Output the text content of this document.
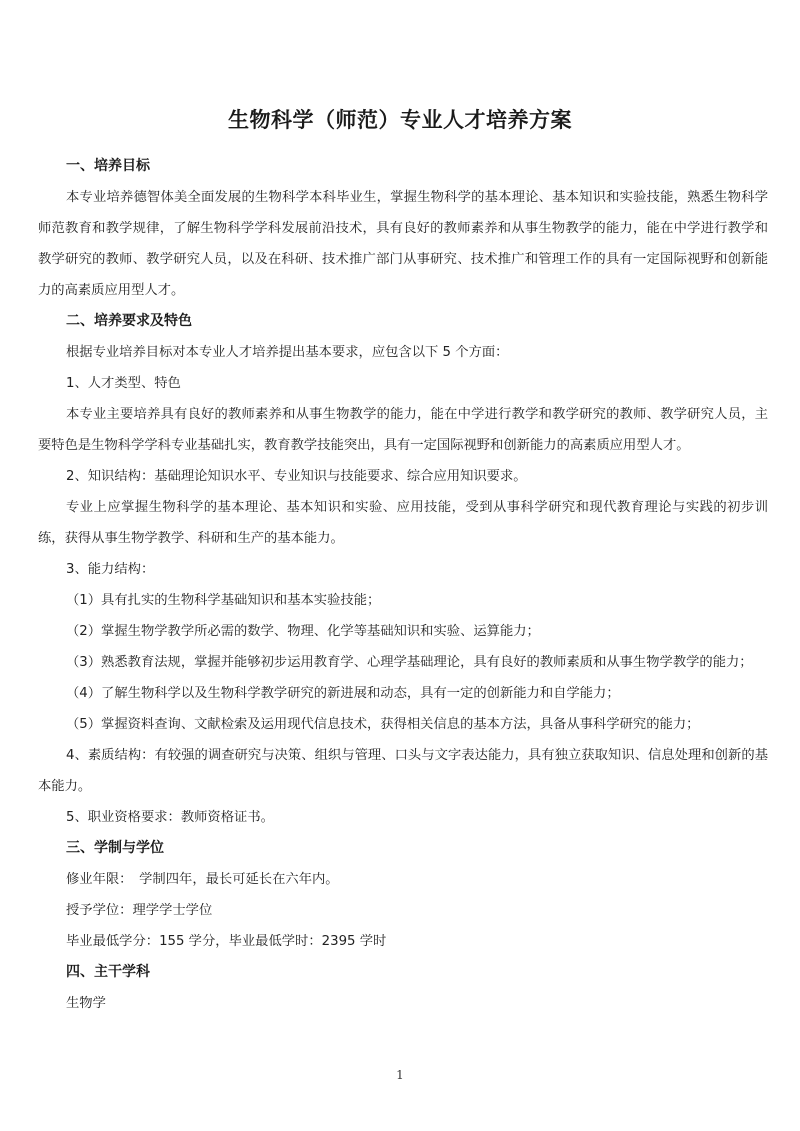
生物科学（师范）专业人才培养方案
一、培养目标
本专业培养德智体美全面发展的生物科学本科毕业生，掌握生物科学的基本理论、基本知识和实验技能，熟悉生物科学师范教育和教学规律，了解生物科学学科发展前沿技术，具有良好的教师素养和从事生物教学的能力，能在中学进行教学和教学研究的教师、教学研究人员，以及在科研、技术推广部门从事研究、技术推广和管理工作的具有一定国际视野和创新能力的高素质应用型人才。
二、培养要求及特色
根据专业培养目标对本专业人才培养提出基本要求，应包含以下 5 个方面：
1、人才类型、特色
本专业主要培养具有良好的教师素养和从事生物教学的能力，能在中学进行教学和教学研究的教师、教学研究人员，主要特色是生物科学学科专业基础扎实，教育教学技能突出，具有一定国际视野和创新能力的高素质应用型人才。
2、知识结构：基础理论知识水平、专业知识与技能要求、综合应用知识要求。
专业上应掌握生物科学的基本理论、基本知识和实验、应用技能，受到从事科学研究和现代教育理论与实践的初步训练，获得从事生物学教学、科研和生产的基本能力。
3、能力结构：
（1）具有扎实的生物科学基础知识和基本实验技能；
（2）掌握生物学教学所必需的数学、物理、化学等基础知识和实验、运算能力；
（3）熟悉教育法规，掌握并能够初步运用教育学、心理学基础理论，具有良好的教师素质和从事生物学教学的能力；
（4）了解生物科学以及生物科学教学研究的新进展和动态，具有一定的创新能力和自学能力；
（5）掌握资料查询、文献检索及运用现代信息技术，获得相关信息的基本方法，具备从事科学研究的能力；
4、素质结构：有较强的调查研究与决策、组织与管理、口头与文字表达能力，具有独立获取知识、信息处理和创新的基本能力。
5、职业资格要求：教师资格证书。
三、学制与学位
修业年限：　学制四年，最长可延长在六年内。
授予学位：理学学士学位
毕业最低学分：155 学分，毕业最低学时：2395 学时
四、主干学科
生物学
1
